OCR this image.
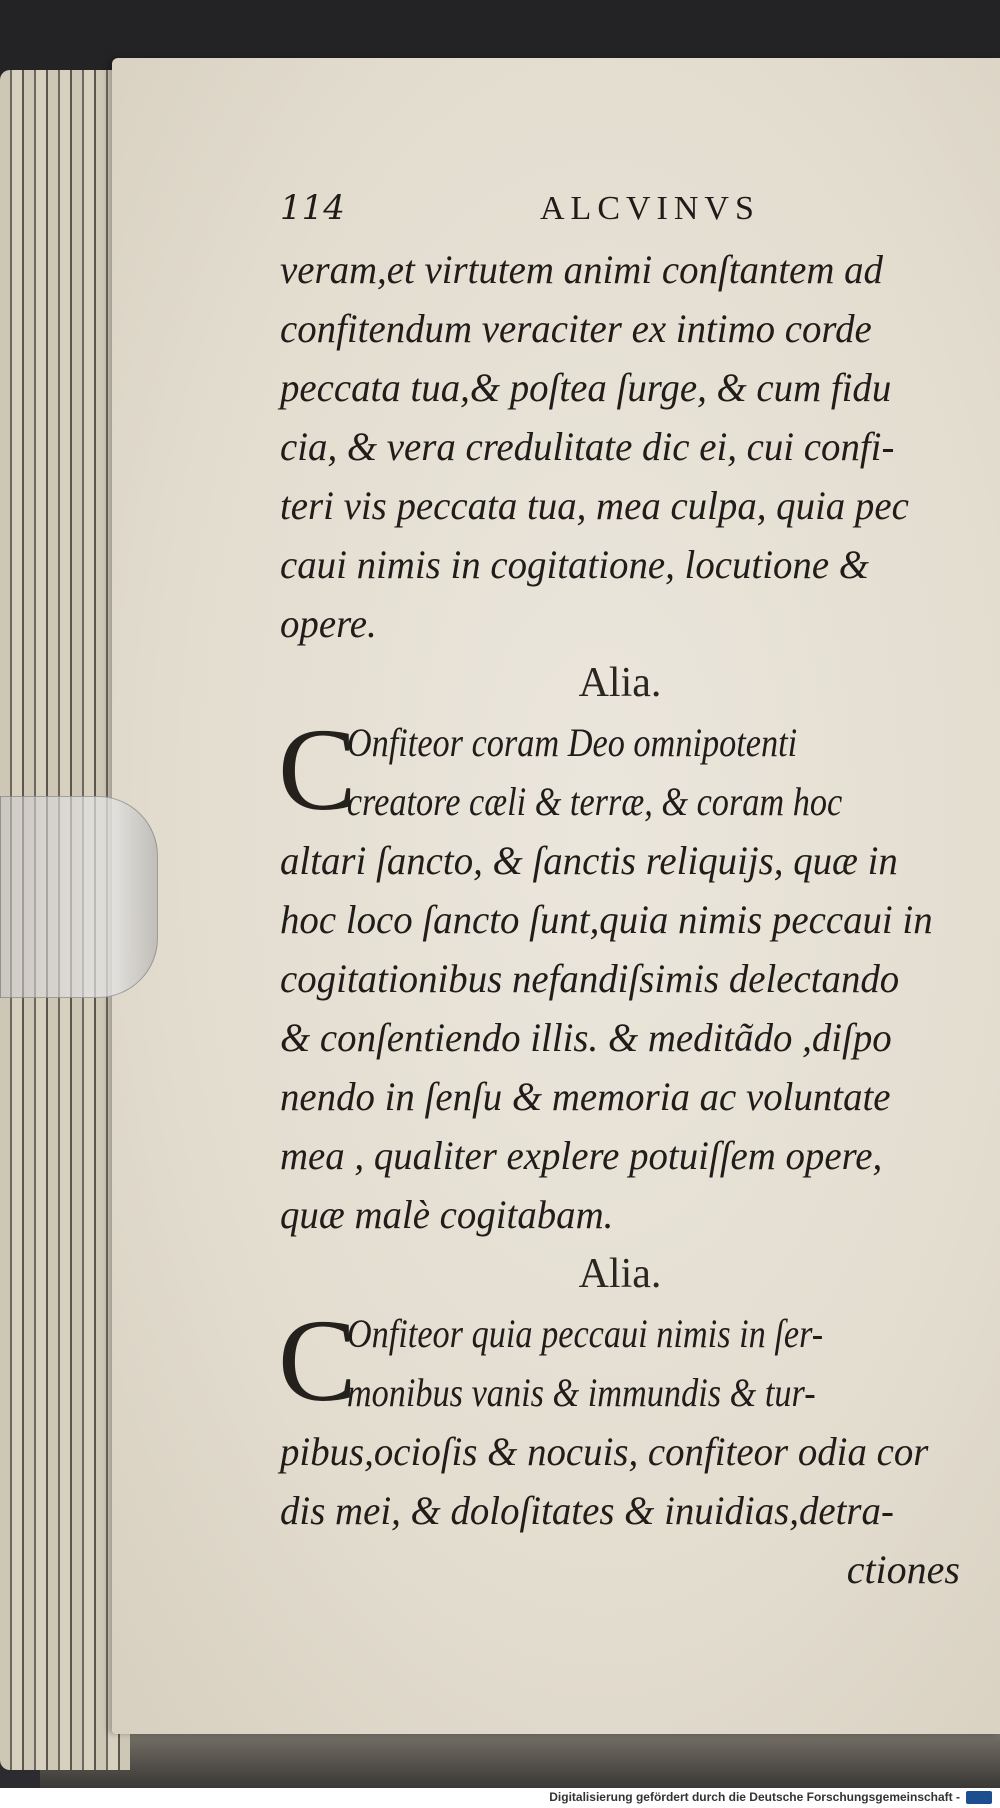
114	ALCVINVS
veram,et virtutem animi conſtantem ad
confitendum veraciter ex intimo corde
peccata tua,& poſtea ſurge, & cum fidu
cia, & vera credulitate dic ei, cui confi-
teri vis peccata tua, mea culpa, quia pec
caui nimis in cogitatione, locutione &
opere.
Alia.
C
Onfiteor coram Deo omnipotenti
creatore cæli & terræ, & coram hoc
altari ſancto, & ſanctis reliquijs, quæ in
hoc loco ſancto ſunt,quia nimis peccaui in
cogitationibus nefandiſsimis delectando
& conſentiendo illis. & meditãdo ,diſpo
nendo in ſenſu & memoria ac voluntate
mea , qualiter explere potuiſſem opere,
quæ malè cogitabam.
Alia.
C
Onfiteor quia peccaui nimis in ſer-
monibus vanis & immundis & tur-
pibus,ocioſis & nocuis, confiteor odia cor
dis mei, & doloſitates & inuidias,detra-
ctiones
Digitalisierung gefördert durch die Deutsche Forschungsgemeinschaft -
